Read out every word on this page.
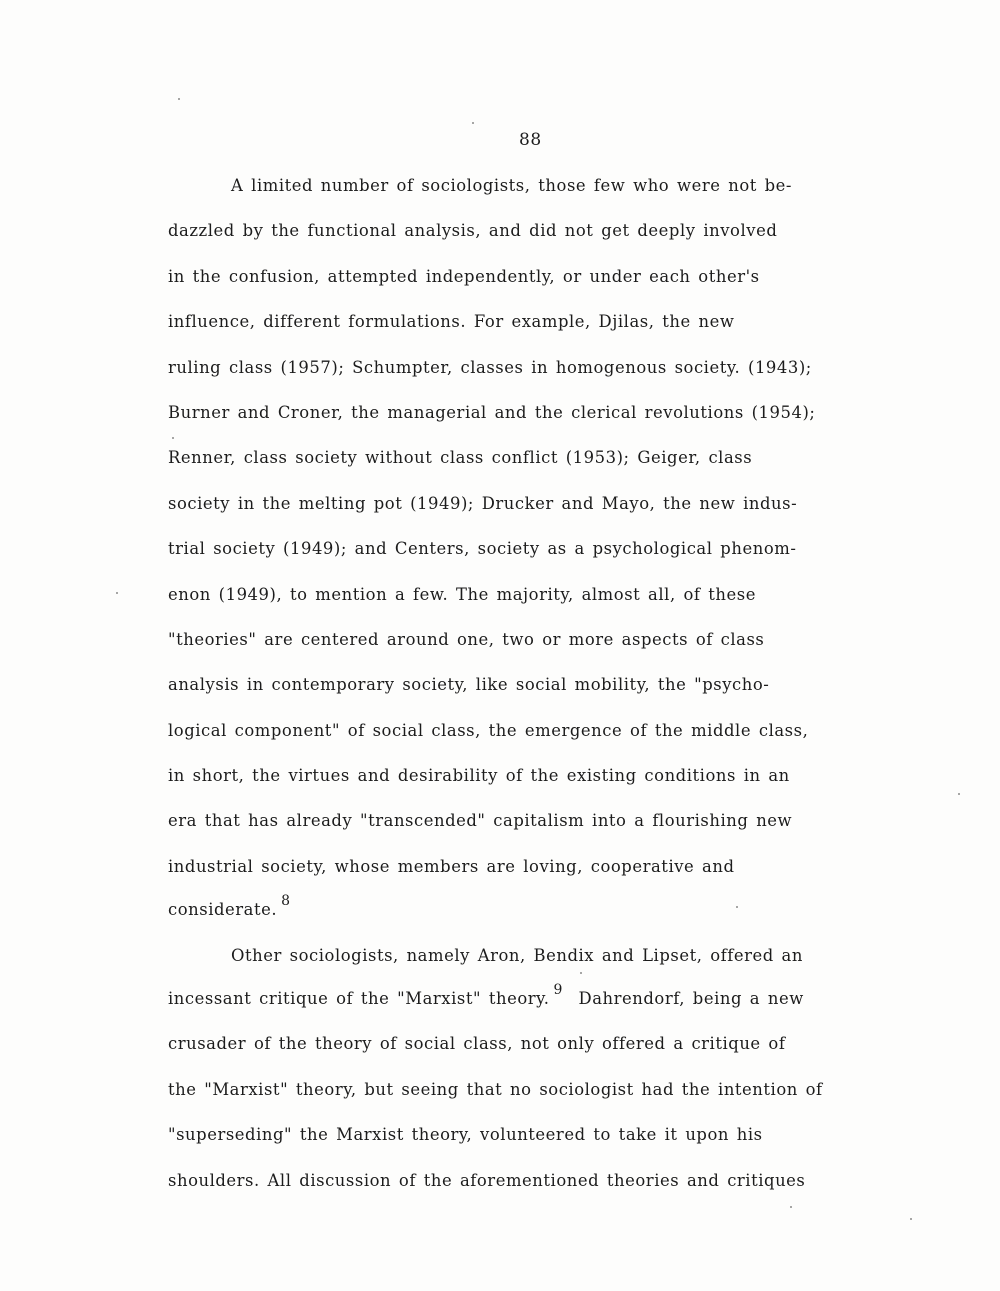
88
A limited number of sociologists, those few who were not be-
dazzled by the functional analysis, and did not get deeply involved
in the confusion, attempted independently, or under each other's
influence, different formulations. For example, Djilas, the new
ruling class (1957); Schumpter, classes in homogenous society. (1943);
Burner and Croner, the managerial and the clerical revolutions (1954);
Renner, class society without class conflict (1953); Geiger, class
society in the melting pot (1949); Drucker and Mayo, the new indus-
trial society (1949); and Centers, society as a psychological phenom-
enon (1949), to mention a few. The majority, almost all, of these
"theories" are centered around one, two or more aspects of class
analysis in contemporary society, like social mobility, the "psycho-
logical component" of social class, the emergence of the middle class,
in short, the virtues and desirability of the existing conditions in an
era that has already "transcended" capitalism into a flourishing new
industrial society, whose members are loving, cooperative and
considerate. $^8$
Other sociologists, namely Aron, Bendix and Lipset, offered an
incessant critique of the "Marxist" theory. $^9$ Dahrendorf, being a new
crusader of the theory of social class, not only offered a critique of
the "Marxist" theory, but seeing that no sociologist had the intention of
"superseding" the Marxist theory, volunteered to take it upon his
shoulders. All discussion of the aforementioned theories and critiques
